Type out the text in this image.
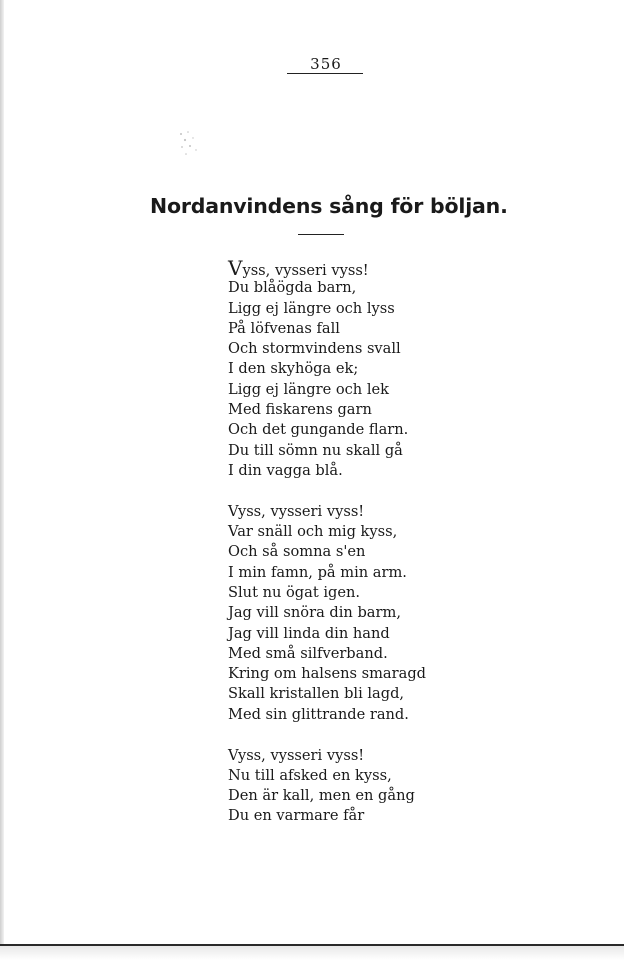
356
Nordanvindens sång för böljan.
Vyss, vysseri vyss!
Du blåögda barn,
Ligg ej längre och lyss
På löfvenas fall
Och stormvindens svall
I den skyhöga ek;
Ligg ej längre och lek
Med fiskarens garn
Och det gungande flarn.
Du till sömn nu skall gå
I din vagga blå.
Vyss, vysseri vyss!
Var snäll och mig kyss,
Och så somna s'en
I min famn, på min arm.
Slut nu ögat igen.
Jag vill snöra din barm,
Jag vill linda din hand
Med små silfverband.
Kring om halsens smaragd
Skall kristallen bli lagd,
Med sin glittrande rand.
Vyss, vysseri vyss!
Nu till afsked en kyss,
Den är kall, men en gång
Du en varmare får
